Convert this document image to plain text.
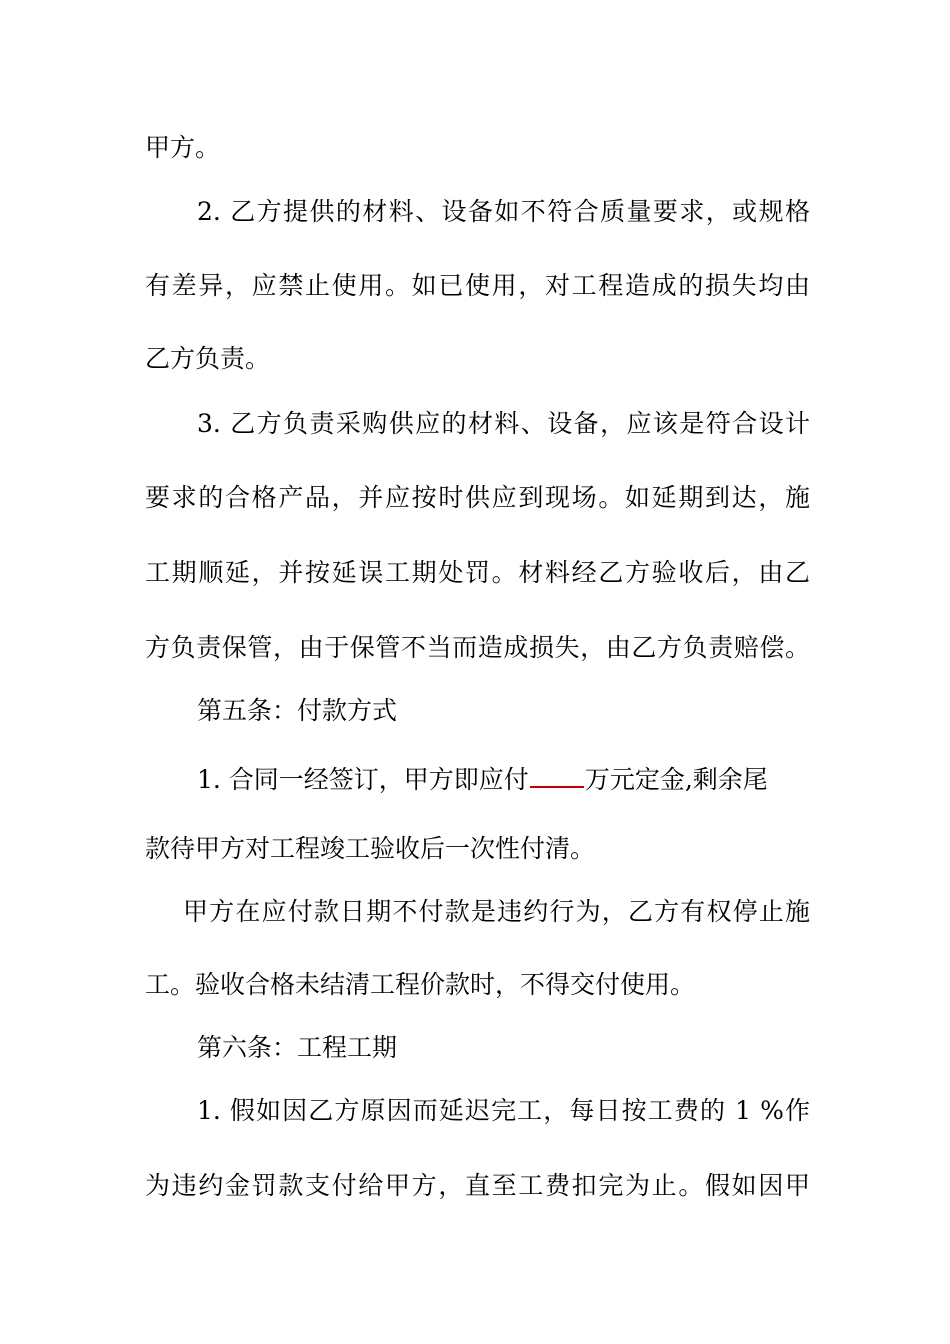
甲方。
2. 乙方提供的材料、设备如不符合质量要求，或规格
有差异，应禁止使用。如已使用，对工程造成的损失均由
乙方负责。
3. 乙方负责采购供应的材料、设备，应该是符合设计
要求的合格产品，并应按时供应到现场。如延期到达，施
工期顺延，并按延误工期处罚。材料经乙方验收后，由乙
方负责保管，由于保管不当而造成损失，由乙方负责赔偿。
第五条：付款方式
1. 合同一经签订，甲方即应付 万元定金,剩余尾
款待甲方对工程竣工验收后一次性付清。
甲方在应付款日期不付款是违约行为，乙方有权停止施
工。验收合格未结清工程价款时，不得交付使用。
第六条：工程工期
1. 假如因乙方原因而延迟完工，每日按工费的 1 %作
为违约金罚款支付给甲方，直至工费扣完为止。假如因甲
